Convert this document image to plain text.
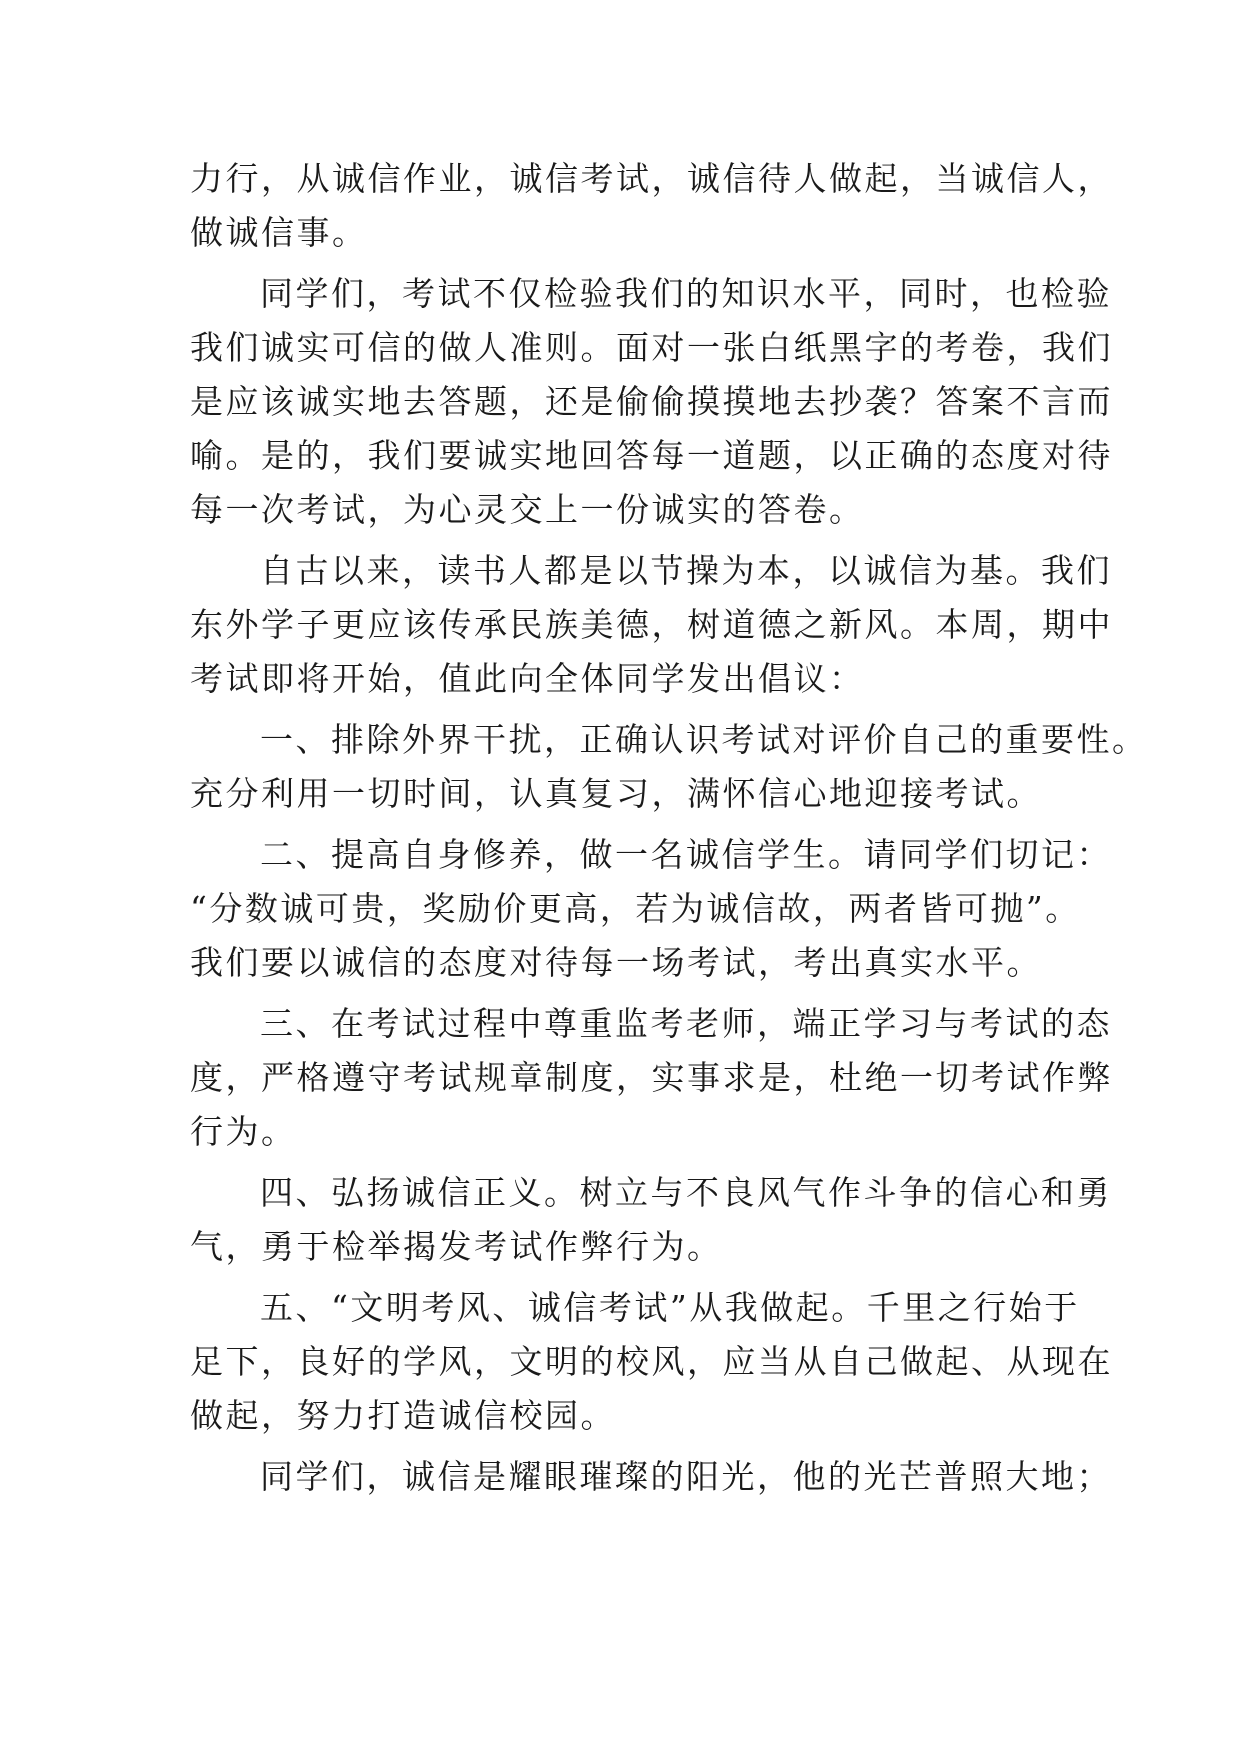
力行，从诚信作业，诚信考试，诚信待人做起，当诚信人，
做诚信事。
同学们，考试不仅检验我们的知识水平，同时，也检验
我们诚实可信的做人准则。面对一张白纸黑字的考卷，我们
是应该诚实地去答题，还是偷偷摸摸地去抄袭？答案不言而
喻。是的，我们要诚实地回答每一道题，以正确的态度对待
每一次考试，为心灵交上一份诚实的答卷。
自古以来，读书人都是以节操为本，以诚信为基。我们
东外学子更应该传承民族美德，树道德之新风。本周，期中
考试即将开始，值此向全体同学发出倡议：
一、排除外界干扰，正确认识考试对评价自己的重要性。
充分利用一切时间，认真复习，满怀信心地迎接考试。
二、提高自身修养，做一名诚信学生。请同学们切记：
“分数诚可贵，奖励价更高，若为诚信故，两者皆可抛”。
我们要以诚信的态度对待每一场考试，考出真实水平。
三、在考试过程中尊重监考老师，端正学习与考试的态
度，严格遵守考试规章制度，实事求是，杜绝一切考试作弊
行为。
四、弘扬诚信正义。树立与不良风气作斗争的信心和勇
气，勇于检举揭发考试作弊行为。
五、“文明考风、诚信考试”从我做起。千里之行始于
足下，良好的学风，文明的校风，应当从自己做起、从现在
做起，努力打造诚信校园。
同学们，诚信是耀眼璀璨的阳光，他的光芒普照大地；
